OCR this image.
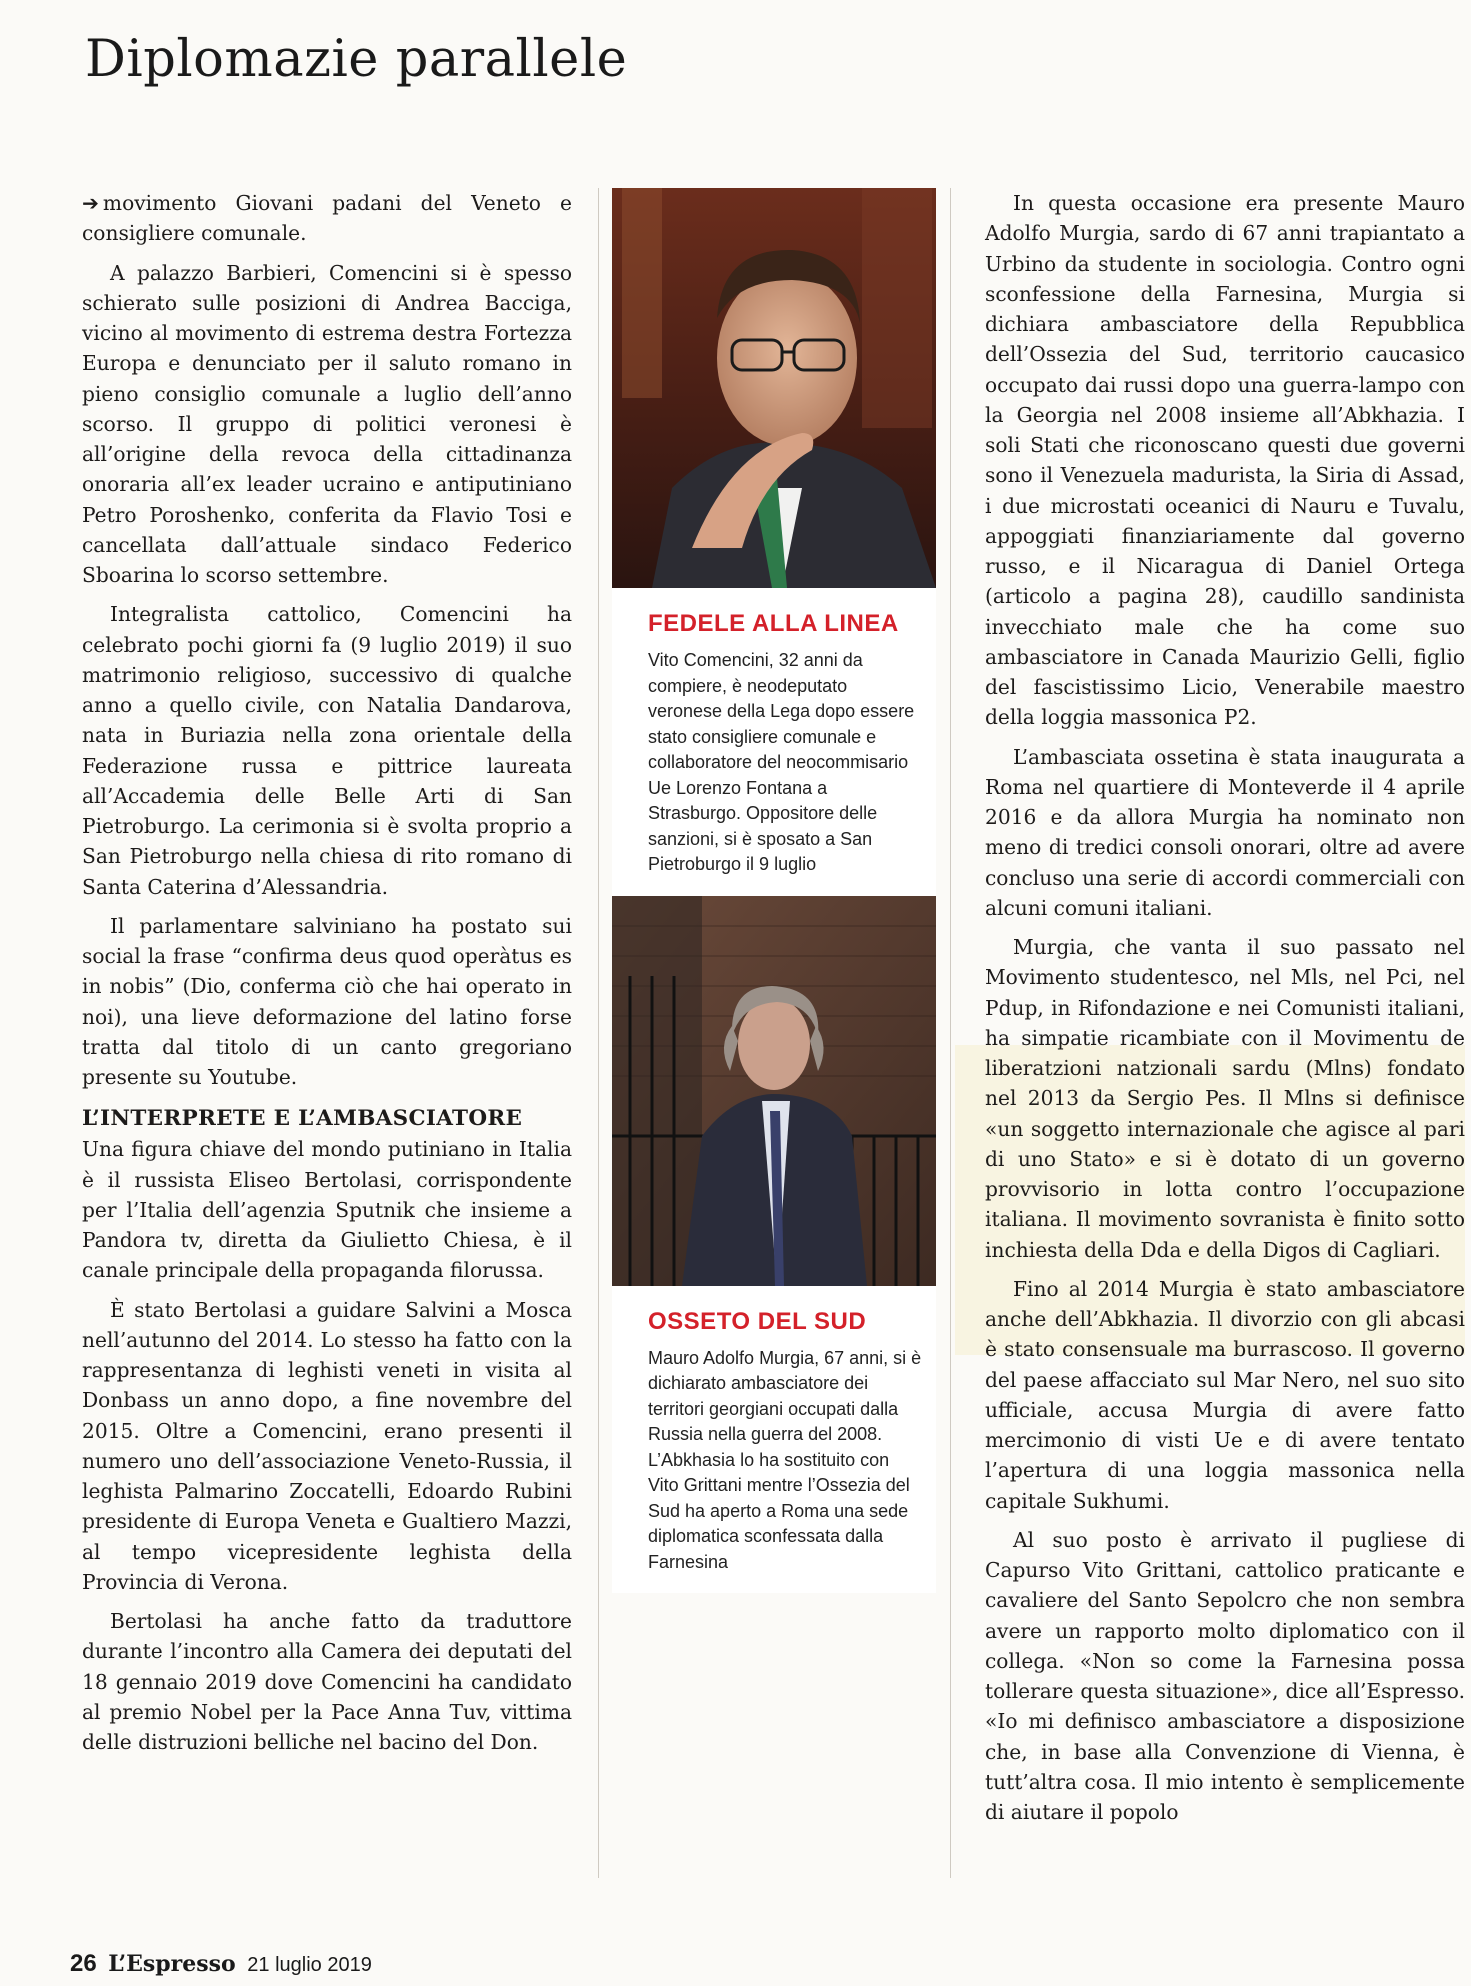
Diplomazie parallele

➔ movimento Giovani padani del Veneto e consigliere comunale.

A palazzo Barbieri, Comencini si è spesso schierato sulle posizioni di Andrea Bacciga, vicino al movimento di estrema destra Fortezza Europa e denunciato per il saluto romano in pieno consiglio comunale a luglio dell’anno scorso. Il gruppo di politici veronesi è all’origine della revoca della cittadinanza onoraria all’ex leader ucraino e antiputiniano Petro Poroshenko, conferita da Flavio Tosi e cancellata dall’attuale sindaco Federico Sboarina lo scorso settembre.

Integralista cattolico, Comencini ha celebrato pochi giorni fa (9 luglio 2019) il suo matrimonio religioso, successivo di qualche anno a quello civile, con Natalia Dandarova, nata in Buriazia nella zona orientale della Federazione russa e pittrice laureata all’Accademia delle Belle Arti di San Pietroburgo. La cerimonia si è svolta proprio a San Pietroburgo nella chiesa di rito romano di Santa Caterina d’Alessandria.

Il parlamentare salviniano ha postato sui social la frase “confirma deus quod operàtus es in nobis” (Dio, conferma ciò che hai operato in noi), una lieve deformazione del latino forse tratta dal titolo di un canto gregoriano presente su Youtube.

L’INTERPRETE E L’AMBASCIATORE

Una figura chiave del mondo putiniano in Italia è il russista Eliseo Bertolasi, corrispondente per l’Italia dell’agenzia Sputnik che insieme a Pandora tv, diretta da Giulietto Chiesa, è il canale principale della propaganda filorussa.

È stato Bertolasi a guidare Salvini a Mosca nell’autunno del 2014. Lo stesso ha fatto con la rappresentanza di leghisti veneti in visita al Donbass un anno dopo, a fine novembre del 2015. Oltre a Comencini, erano presenti il numero uno dell’associazione Veneto-Russia, il leghista Palmarino Zoccatelli, Edoardo Rubini presidente di Europa Veneta e Gualtiero Mazzi, al tempo vicepresidente leghista della Provincia di Verona.

Bertolasi ha anche fatto da traduttore durante l’incontro alla Camera dei deputati del 18 gennaio 2019 dove Comencini ha candidato al premio Nobel per la Pace Anna Tuv, vittima delle distruzioni belliche nel bacino del Don.

FEDELE ALLA LINEA
Vito Comencini, 32 anni da compiere, è neodeputato veronese della Lega dopo essere stato consigliere comunale e collaboratore del neocommisario Ue Lorenzo Fontana a Strasburgo. Oppositore delle sanzioni, si è sposato a San Pietroburgo il 9 luglio
OSSETO DEL SUD
Mauro Adolfo Murgia, 67 anni, si è dichiarato ambasciatore dei territori georgiani occupati dalla Russia nella guerra del 2008. L’Abkhasia lo ha sostituito con Vito Grittani mentre l’Ossezia del Sud ha aperto a Roma una sede diplomatica sconfessata dalla Farnesina

In questa occasione era presente Mauro Adolfo Murgia, sardo di 67 anni trapiantato a Urbino da studente in sociologia. Contro ogni sconfessione della Farnesina, Murgia si dichiara ambasciatore della Repubblica dell’Ossezia del Sud, territorio caucasico occupato dai russi dopo una guerra-lampo con la Georgia nel 2008 insieme all’Abkhazia. I soli Stati che riconoscano questi due governi sono il Venezuela madurista, la Siria di Assad, i due microstati oceanici di Nauru e Tuvalu, appoggiati finanziariamente dal governo russo, e il Nicaragua di Daniel Ortega (articolo a pagina 28), caudillo sandinista invecchiato male che ha come suo ambasciatore in Canada Maurizio Gelli, figlio del fascistissimo Licio, Venerabile maestro della loggia massonica P2.

L’ambasciata ossetina è stata inaugurata a Roma nel quartiere di Monteverde il 4 aprile 2016 e da allora Murgia ha nominato non meno di tredici consoli onorari, oltre ad avere concluso una serie di accordi commerciali con alcuni comuni italiani.

Murgia, che vanta il suo passato nel Movimento studentesco, nel Mls, nel Pci, nel Pdup, in Rifondazione e nei Comunisti italiani, ha simpatie ricambiate con il Movimentu de liberatzioni natzionali sardu (Mlns) fondato nel 2013 da Sergio Pes. Il Mlns si definisce «un soggetto internazionale che agisce al pari di uno Stato» e si è dotato di un governo provvisorio in lotta contro l’occupazione italiana. Il movimento sovranista è finito sotto inchiesta della Dda e della Digos di Cagliari.

Fino al 2014 Murgia è stato ambasciatore anche dell’Abkhazia. Il divorzio con gli abcasi è stato consensuale ma burrascoso. Il governo del paese affacciato sul Mar Nero, nel suo sito ufficiale, accusa Murgia di avere fatto mercimonio di visti Ue e di avere tentato l’apertura di una loggia massonica nella capitale Sukhumi.

Al suo posto è arrivato il pugliese di Capurso Vito Grittani, cattolico praticante e cavaliere del Santo Sepolcro che non sembra avere un rapporto molto diplomatico con il collega. «Non so come la Farnesina possa tollerare questa situazione», dice all’Espresso. «Io mi definisco ambasciatore a disposizione che, in base alla Convenzione di Vienna, è tutt’altra cosa. Il mio intento è semplicemente di aiutare il popolo

26 L’Espresso 21 luglio 2019
